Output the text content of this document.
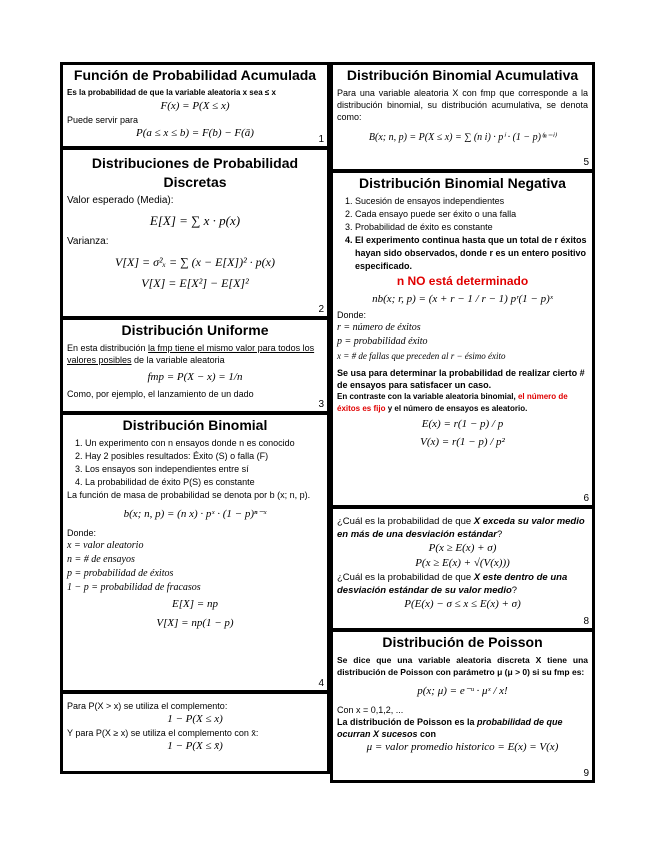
Función de Probabilidad Acumulada
Es la probabilidad de que la variable aleatoria x sea ≤ x
F(x) = P(X ≤ x)
Puede servir para
P(a ≤ x ≤ b) = F(b) − F(ā)
1
Distribuciones de Probabilidad Discretas
Valor esperado (Media):
E[X] = ∑ x · p(x)
Varianza:
V[X] = σ²ₓ = ∑ (x − E[X])² · p(x)
V[X] = E[X²] − E[X]²
2
Distribución Uniforme
En esta distribución la fmp tiene el mismo valor para todos los valores posibles de la variable aleatoria
fmp = P(X − x) = 1/n
Como, por ejemplo, el lanzamiento de un dado
3
Distribución Binomial
1. Un experimento con n ensayos donde n es conocido
2. Hay 2 posibles resultados: Éxito (S) o falla (F)
3. Los ensayos son independientes entre sí
4. La probabilidad de éxito P(S) es constante
La función de masa de probabilidad se denota por b (x; n, p).
b(x; n, p) = (n x) · pˣ · (1 − p)ⁿ⁻ˣ
Donde:
x = valor aleatorio
n = # de ensayos
p = probabilidad de éxitos
1 − p = probabilidad de fracasos
E[X] = np
V[X] = np(1 − p)
4
Para P(X > x) se utiliza el complemento:
1 − P(X ≤ x)
Y para P(X ≥ x) se utiliza el complemento con x̄:
1 − P(X ≤ x̄)
Distribución Binomial Acumulativa
Para una variable aleatoria X con fmp que corresponde a la distribución binomial, su distribución acumulativa, se denota como:
B(x; n, p) = P(X ≤ x) = ∑ (n i) · pⁱ · (1 − p)⁽ⁿ⁻ⁱ⁾
5
Distribución Binomial Negativa
1. Sucesión de ensayos independientes
2. Cada ensayo puede ser éxito o una falla
3. Probabilidad de éxito es constante
4. El experimento continua hasta que un total de r éxitos hayan sido observados, donde r es un entero positivo especificado.
n NO está determinado
nb(x; r, p) = (x + r − 1 / r − 1) pʳ(1 − p)ˣ
Donde:
r = número de éxitos
p = probabilidad éxito
x = # de fallas que preceden al r − ésimo éxito
Se usa para determinar la probabilidad de realizar cierto # de ensayos para satisfacer un caso.
En contraste con la variable aleatoria binomial, el número de éxitos es fijo y el número de ensayos es aleatorio.
E(x) = r(1 − p) / p
V(x) = r(1 − p) / p²
6
¿Cuál es la probabilidad de que X exceda su valor medio en más de una desviación estándar?
P(x ≥ E(x) + σ)
P(x ≥ E(x) + √(V(x)))
¿Cuál es la probabilidad de que X este dentro de una desviación estándar de su valor medio?
P(E(x) − σ ≤ x ≤ E(x) + σ)
8
Distribución de Poisson
Se dice que una variable aleatoria discreta X tiene una distribución de Poisson con parámetro μ (μ > 0) si su fmp es:
p(x; μ) = e⁻ᵘ · μˣ / x!
Con x = 0,1,2, ...
La distribución de Poisson es la probabilidad de que ocurran X sucesos con
μ = valor promedio historico = E(x) = V(x)
9
